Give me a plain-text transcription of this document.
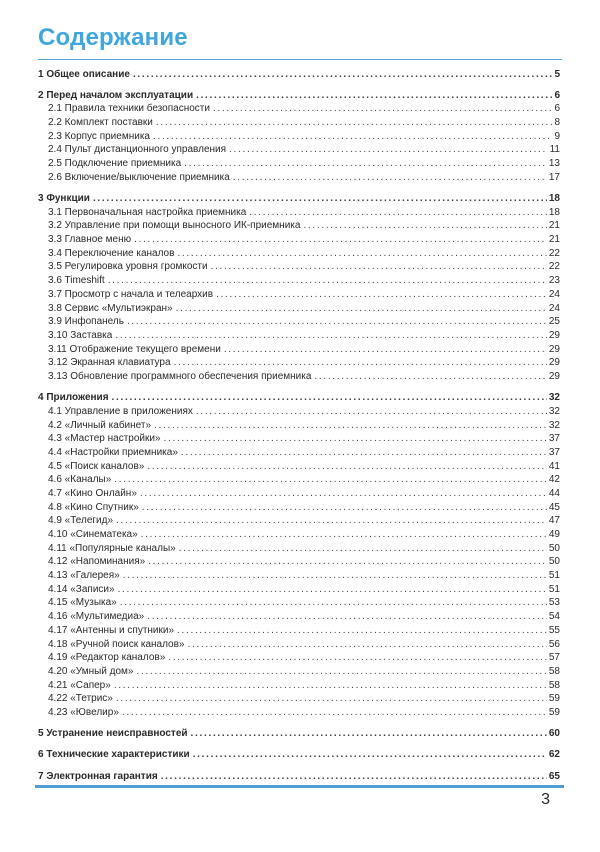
Содержание
1 Общее описание .....	5
2 Перед началом эксплуатации .....	6
2.1 Правила техники безопасности .....	6
2.2 Комплект поставки .....	8
2.3 Корпус приемника .....	9
2.4 Пульт дистанционного управления .....	11
2.5 Подключение приемника .....	13
2.6 Включение/выключение приемника .....	17
3 Функции .....	18
3.1 Первоначальная настройка приемника .....	18
3.2 Управление при помощи выносного ИК-приемника .....	21
3.3 Главное меню .....	21
3.4 Переключение каналов .....	22
3.5 Регулировка уровня громкости .....	22
3.6 Timeshift .....	23
3.7 Просмотр с начала и телеархив .....	24
3.8 Сервис «Мультиэкран» .....	24
3.9 Инфопанель .....	25
3.10 Заставка .....	29
3.11 Отображение текущего времени .....	29
3.12 Экранная клавиатура .....	29
3.13 Обновление программного обеспечения приемника .....	29
4 Приложения .....	32
4.1 Управление в приложениях .....	32
4.2 «Личный кабинет» .....	32
4.3 «Мастер настройки» .....	37
4.4 «Настройки приемника» .....	37
4.5 «Поиск каналов» .....	41
4.6 «Каналы» .....	42
4.7 «Кино Онлайн» .....	44
4.8 «Кино Спутник» .....	45
4.9 «Телегид» .....	47
4.10 «Синематека» .....	49
4.11 «Популярные каналы» .....	50
4.12 «Напоминания» .....	50
4.13 «Галерея» .....	51
4.14 «Записи» .....	51
4.15 «Музыка» .....	53
4.16 «Мультимедиа» .....	54
4.17 «Антенны и спутники» .....	55
4.18 «Ручной поиск каналов» .....	56
4.19 «Редактор каналов» .....	57
4.20 «Умный дом» .....	58
4.21 «Сапер» .....	58
4.22 «Тетрис» .....	59
4.23 «Ювелир» .....	59
5 Устранение неисправностей .....	60
6 Технические характеристики .....	62
7 Электронная гарантия .....	65
3
